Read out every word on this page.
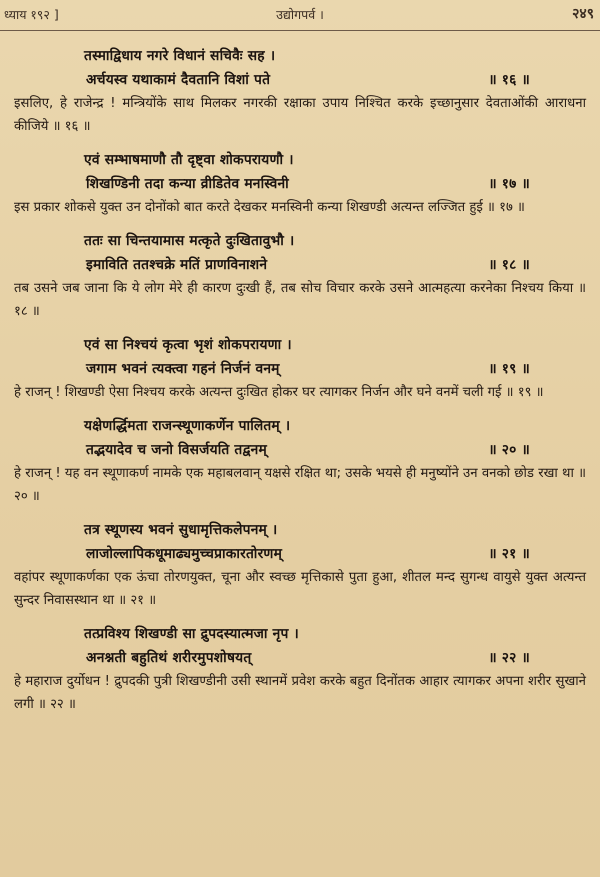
ध्याय १९२ ]	उद्योगपर्व ।	२४९
तस्माद्विधाय नगरे विधानं सचिवैः सह ।
अर्चयस्व यथाकामं दैवतानि विशां पते	॥ १६ ॥
इसलिए, हे राजेन्द्र ! मन्त्रियोंके साथ मिलकर नगरकी रक्षाका उपाय निश्चित करके इच्छानुसार देवताओंकी आराधना कीजिये ॥ १६ ॥
एवं सम्भाषमाणौ तौ दृष्ट्वा शोकपरायणौ ।
शिखण्डिनी तदा कन्या व्रीडितेव मनस्विनी	॥ १७ ॥
इस प्रकार शोकसे युक्त उन दोनोंको बात करते देखकर मनस्विनी कन्या शिखण्डी अत्यन्त लज्जित हुई ॥ १७ ॥
ततः सा चिन्तयामास मत्कृते दुःखितावुभौ ।
इमाविति ततश्चक्रे मतिं प्राणविनाशने	॥ १८ ॥
तब उसने जब जाना कि ये लोग मेरे ही कारण दुःखी हैं, तब सोच विचार करके उसने आत्महत्या करनेका निश्चय किया ॥ १८ ॥
एवं सा निश्चयं कृत्वा भृशं शोकपरायणा ।
जगाम भवनं त्यक्त्वा गहनं निर्जनं वनम्	॥ १९ ॥
हे राजन् ! शिखण्डी ऐसा निश्चय करके अत्यन्त दुःखित होकर घर त्यागकर निर्जन और घने वनमें चली गई ॥ १९ ॥
यक्षेणर्द्धिमता राजन्स्थूणाकर्णेन पालितम् ।
तद्भयादेव च जनो विसर्जयति तद्वनम्	॥ २० ॥
हे राजन् ! यह वन स्थूणाकर्ण नामके एक महाबलवान् यक्षसे रक्षित था; उसके भयसे ही मनुष्योंने उन वनको छोड रखा था ॥ २० ॥
तत्र स्थूणस्य भवनं सुधामृत्तिकलेपनम् ।
लाजोल्लापिकधूमाढ्यमुच्चप्राकारतोरणम्	॥ २१ ॥
वहांपर स्थूणाकर्णका एक ऊंचा तोरणयुक्त, चूना और स्वच्छ मृत्तिकासे पुता हुआ, शीतल मन्द सुगन्ध वायुसे युक्त अत्यन्त सुन्दर निवासस्थान था ॥ २१ ॥
तत्प्रविश्य शिखण्डी सा द्रुपदस्यात्मजा नृप ।
अनश्नती बहुतिथं शरीरमुपशोषयत्	॥ २२ ॥
हे महाराज दुर्योधन ! द्रुपदकी पुत्री शिखण्डीनी उसी स्थानमें प्रवेश करके बहुत दिनोंतक आहार त्यागकर अपना शरीर सुखाने लगी ॥ २२ ॥
